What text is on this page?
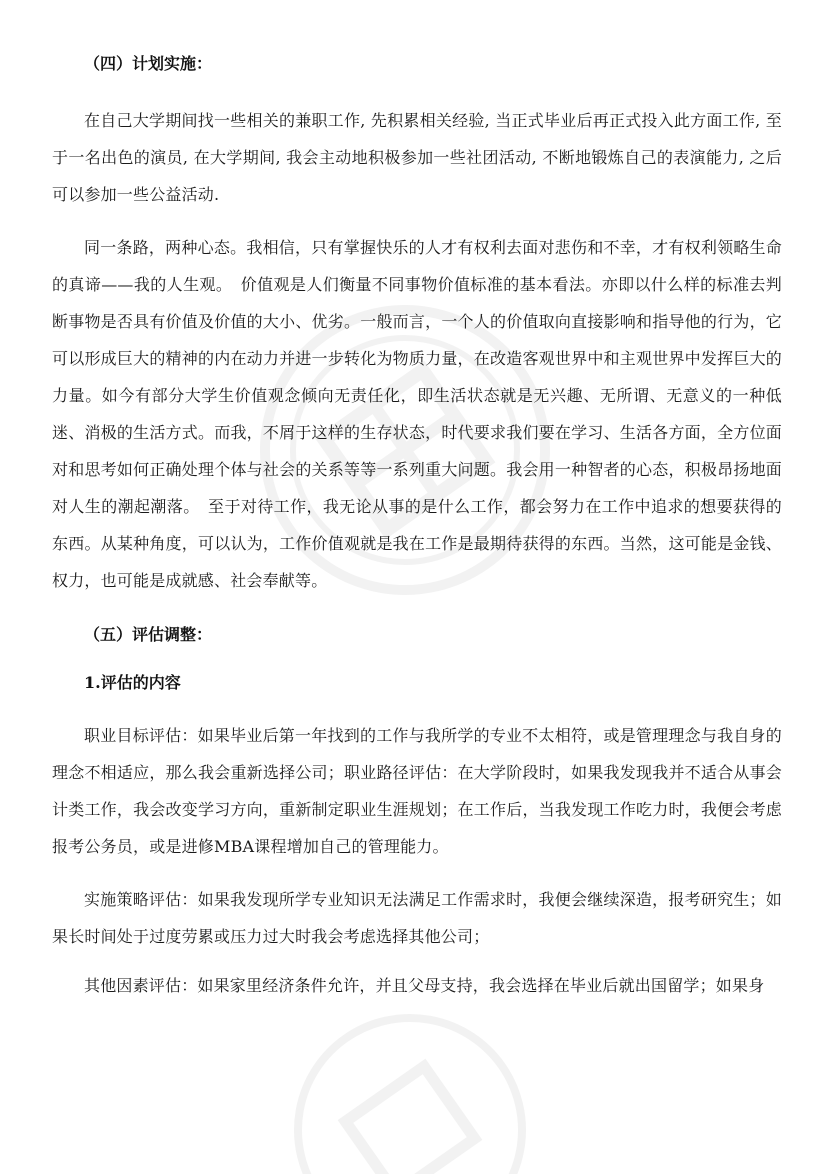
（四）计划实施：

在自己大学期间找一些相关的兼职工作, 先积累相关经验, 当正式毕业后再正式投入此方面工作, 至于一名出色的演员, 在大学期间, 我会主动地积极参加一些社团活动, 不断地锻炼自己的表演能力, 之后可以参加一些公益活动.

同一条路，两种心态。我相信，只有掌握快乐的人才有权利去面对悲伤和不幸，才有权利领略生命的真谛——我的人生观。　价值观是人们衡量不同事物价值标准的基本看法。亦即以什么样的标准去判断事物是否具有价值及价值的大小、优劣。一般而言，一个人的价值取向直接影响和指导他的行为，它可以形成巨大的精神的内在动力并进一步转化为物质力量，在改造客观世界中和主观世界中发挥巨大的力量。如今有部分大学生价值观念倾向无责任化，即生活状态就是无兴趣、无所谓、无意义的一种低迷、消极的生活方式。而我，不屑于这样的生存状态，时代要求我们要在学习、生活各方面，全方位面对和思考如何正确处理个体与社会的关系等等一系列重大问题。我会用一种智者的心态，积极昂扬地面对人生的潮起潮落。　至于对待工作，我无论从事的是什么工作，都会努力在工作中追求的想要获得的东西。从某种角度，可以认为，工作价值观就是我在工作是最期待获得的东西。当然，这可能是金钱、权力，也可能是成就感、社会奉献等。

（五）评估调整：
1.评估的内容

职业目标评估：如果毕业后第一年找到的工作与我所学的专业不太相符，或是管理理念与我自身的理念不相适应，那么我会重新选择公司；职业路径评估：在大学阶段时，如果我发现我并不适合从事会计类工作，我会改变学习方向，重新制定职业生涯规划；在工作后，当我发现工作吃力时，我便会考虑报考公务员，或是进修MBA课程增加自己的管理能力。

实施策略评估：如果我发现所学专业知识无法满足工作需求时，我便会继续深造，报考研究生；如果长时间处于过度劳累或压力过大时我会考虑选择其他公司；

其他因素评估：如果家里经济条件允许，并且父母支持，我会选择在毕业后就出国留学；如果身
